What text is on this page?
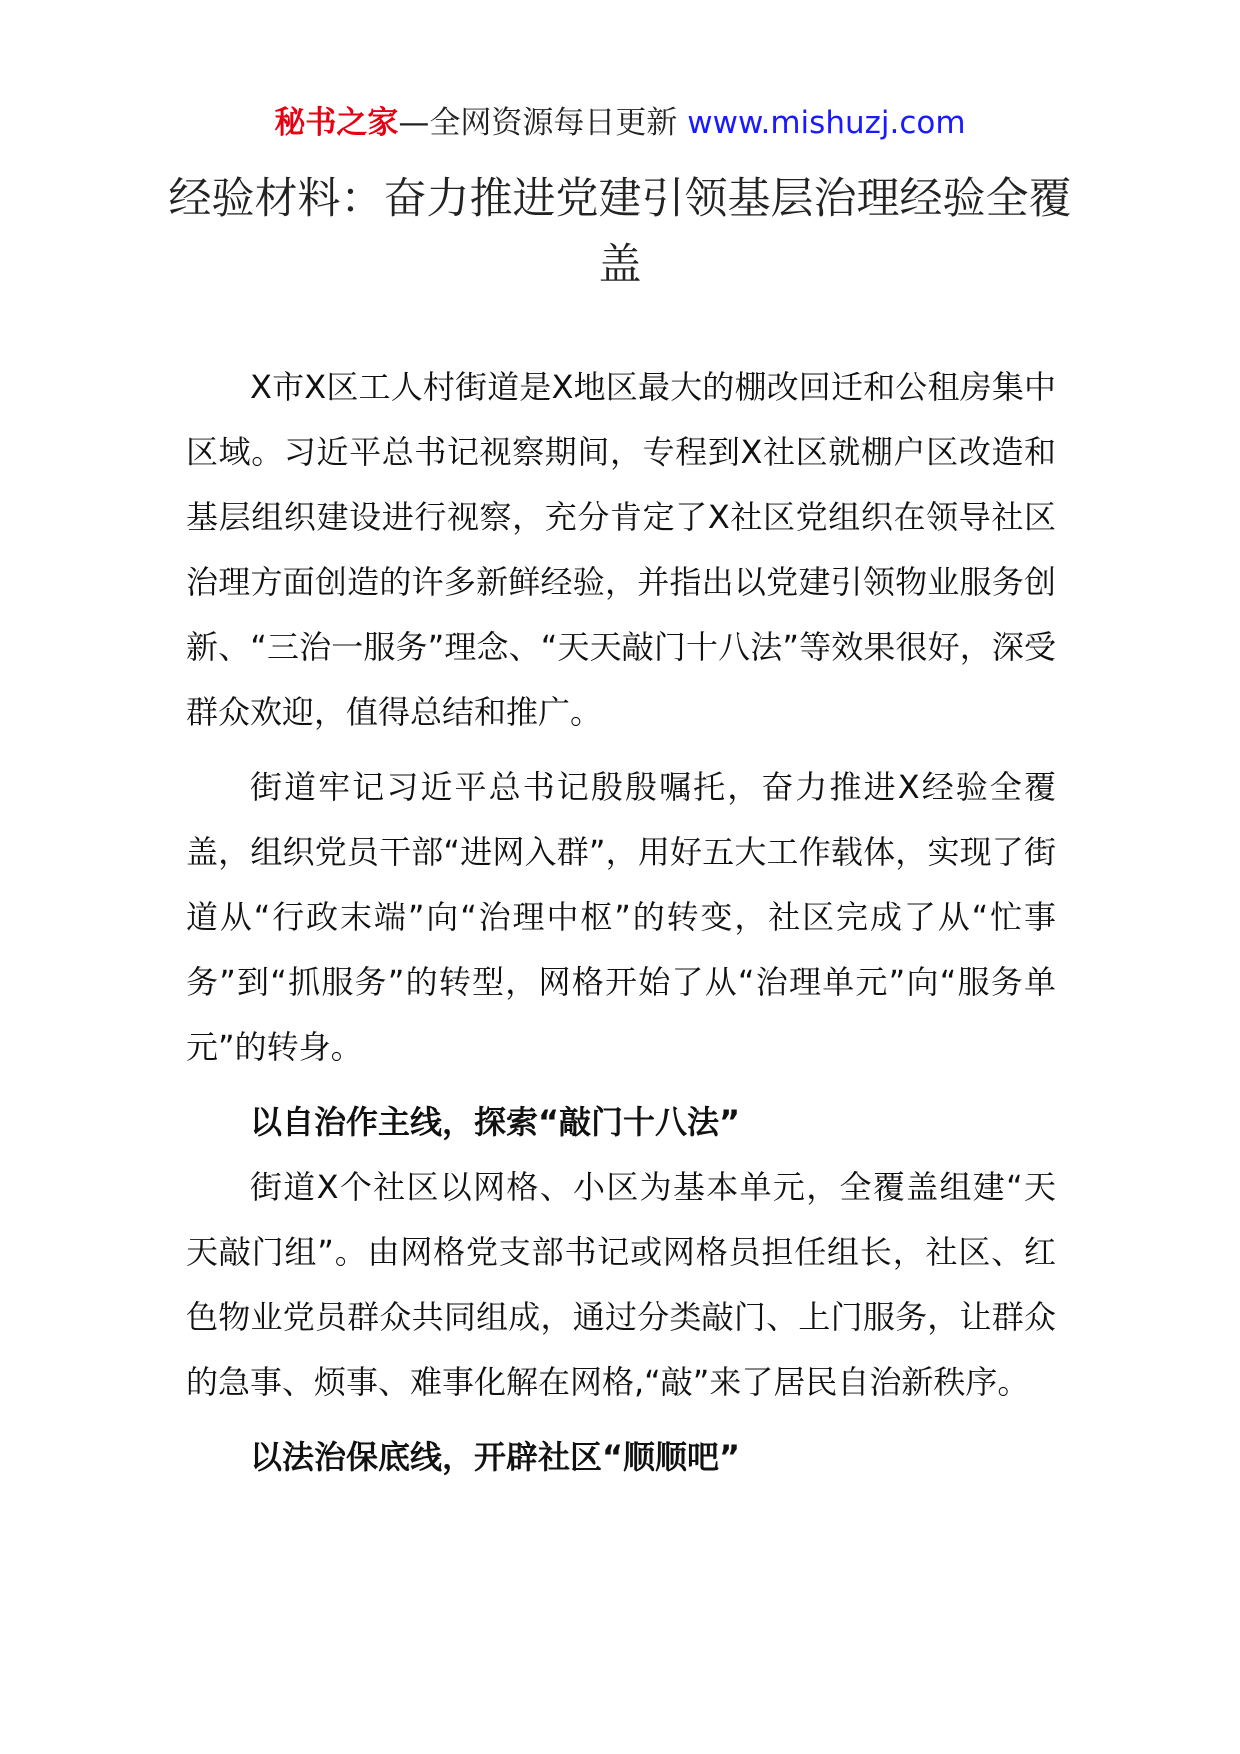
秘书之家—全网资源每日更新 www.mishuzj.com
经验材料：奋力推进党建引领基层治理经验全覆盖

X市X区工人村街道是X地区最大的棚改回迁和公租房集中区域。习近平总书记视察期间，专程到X社区就棚户区改造和基层组织建设进行视察，充分肯定了X社区党组织在领导社区治理方面创造的许多新鲜经验，并指出以党建引领物业服务创新、“三治一服务”理念、“天天敲门十八法”等效果很好，深受群众欢迎，值得总结和推广。

街道牢记习近平总书记殷殷嘱托，奋力推进X经验全覆盖，组织党员干部“进网入群”，用好五大工作载体，实现了街道从“行政末端”向“治理中枢”的转变，社区完成了从“忙事务”到“抓服务”的转型，网格开始了从“治理单元”向“服务单元”的转身。

以自治作主线，探索“敲门十八法”

街道X个社区以网格、小区为基本单元，全覆盖组建“天天敲门组”。由网格党支部书记或网格员担任组长，社区、红色物业党员群众共同组成，通过分类敲门、上门服务，让群众的急事、烦事、难事化解在网格,“敲”来了居民自治新秩序。

以法治保底线，开辟社区“顺顺吧”
